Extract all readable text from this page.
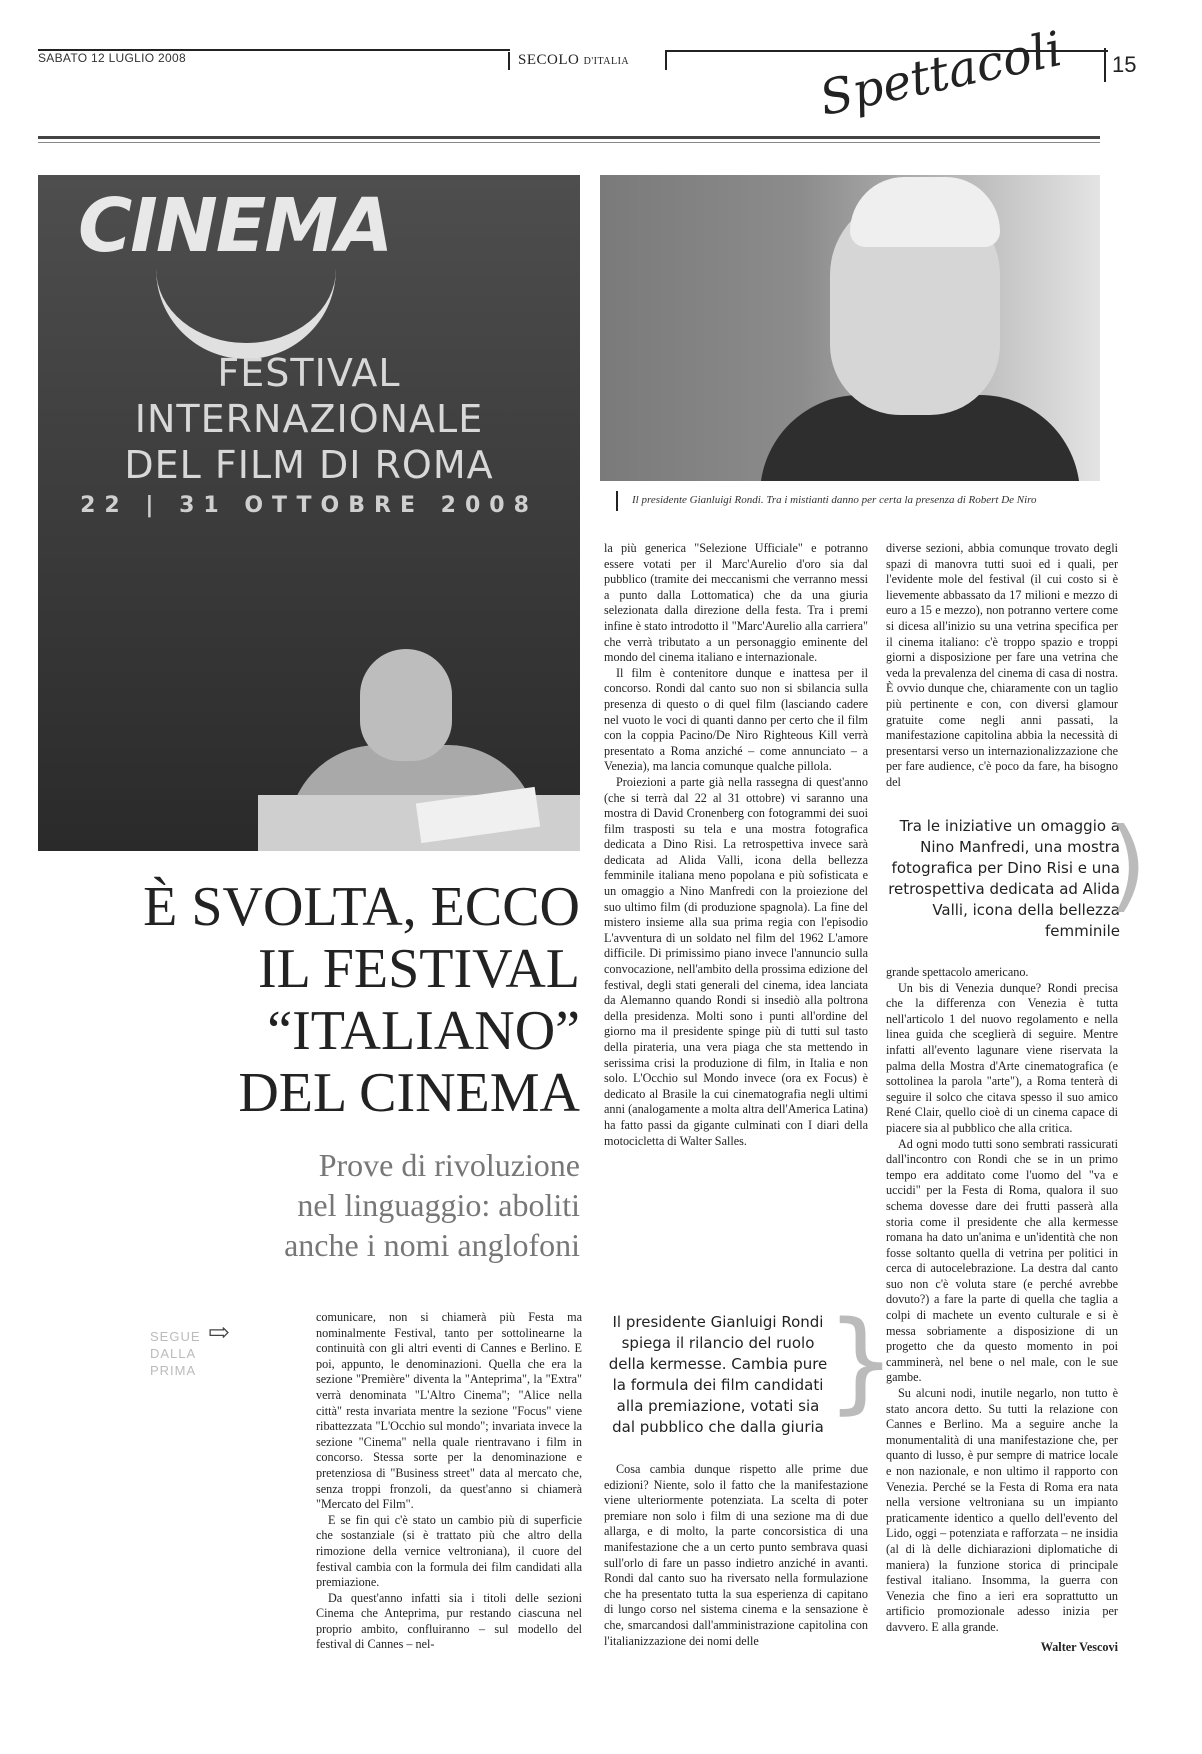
SABATO 12 LUGLIO 2008	SECOLO D'ITALIA	Spettacoli 15
CINEMA
FESTIVAL
INTERNAZIONALE
DEL FILM DI ROMA
22 | 31 OTTOBRE 2008	Il presidente Gianluigi Rondi. Tra i mistianti danno per certa la presenza di Robert De Niro
È SVOLTA, ECCO
IL FESTIVAL
“ITALIANO”
DEL CINEMA
Prove di rivoluzione
nel linguaggio: aboliti
anche i nomi anglofoni
SEGUE DALLA PRIMA
⇨

comunicare, non si chiamerà più Festa ma nominalmente Festival, tanto per sottolinearne la continuità con gli altri eventi di Cannes e Berlino. E poi, appunto, le denominazioni. Quella che era la sezione "Première" diventa la "Anteprima", la "Extra" verrà denominata "L'Altro Cinema"; "Alice nella città" resta invariata mentre la sezione "Focus" viene ribattezzata "L'Occhio sul mondo"; invariata invece la sezione "Cinema" nella quale rientravano i film in concorso. Stessa sorte per la denominazione e pretenziosa di "Business street" data al mercato che, senza troppi fronzoli, da quest'anno si chiamerà "Mercato del Film".

E se fin qui c'è stato un cambio più di superficie che sostanziale (si è trattato più che altro della rimozione della vernice veltroniana), il cuore del festival cambia con la formula dei film candidati alla premiazione.

Da quest'anno infatti sia i titoli delle sezioni Cinema che Anteprima, pur restando ciascuna nel proprio ambito, confluiranno – sul modello del festival di Cannes – nel-

la più generica "Selezione Ufficiale" e potranno essere votati per il Marc'Aurelio d'oro sia dal pubblico (tramite dei meccanismi che verranno messi a punto dalla Lottomatica) che da una giuria selezionata dalla direzione della festa. Tra i premi infine è stato introdotto il "Marc'Aurelio alla carriera" che verrà tributato a un personaggio eminente del mondo del cinema italiano e internazionale.

Il film è contenitore dunque e inattesa per il concorso. Rondi dal canto suo non si sbilancia sulla presenza di questo o di quel film (lasciando cadere nel vuoto le voci di quanti danno per certo che il film con la coppia Pacino/De Niro Righteous Kill verrà presentato a Roma anziché – come annunciato – a Venezia), ma lancia comunque qualche pillola.

Proiezioni a parte già nella rassegna di quest'anno (che si terrà dal 22 al 31 ottobre) vi saranno una mostra di David Cronenberg con fotogrammi dei suoi film trasposti su tela e una mostra fotografica dedicata a Dino Risi. La retrospettiva invece sarà dedicata ad Alida Valli, icona della bellezza femminile italiana meno popolana e più sofisticata e un omaggio a Nino Manfredi con la proiezione del suo ultimo film (di produzione spagnola). La fine del mistero insieme alla sua prima regia con l'episodio L'avventura di un soldato nel film del 1962 L'amore difficile. Di primissimo piano invece l'annuncio sulla convocazione, nell'ambito della prossima edizione del festival, degli stati generali del cinema, idea lanciata da Alemanno quando Rondi si insediò alla poltrona della presidenza. Molti sono i punti all'ordine del giorno ma il presidente spinge più di tutti sul tasto della pirateria, una vera piaga che sta mettendo in serissima crisi la produzione di film, in Italia e non solo. L'Occhio sul Mondo invece (ora ex Focus) è dedicato al Brasile la cui cinematografia negli ultimi anni (analogamente a molta altra dell'America Latina) ha fatto passi da gigante culminati con I diari della motocicletta di Walter Salles.

Il presidente Gianluigi Rondi spiega il rilancio del ruolo della kermesse. Cambia pure la formula dei film candidati alla premiazione, votati sia dal pubblico che dalla giuria
}

Cosa cambia dunque rispetto alle prime due edizioni? Niente, solo il fatto che la manifestazione viene ulteriormente potenziata. La scelta di poter premiare non solo i film di una sezione ma di due allarga, e di molto, la parte concorsistica di una manifestazione che a un certo punto sembrava quasi sull'orlo di fare un passo indietro anziché in avanti. Rondi dal canto suo ha riversato nella formulazione che ha presentato tutta la sua esperienza di capitano di lungo corso nel sistema cinema e la sensazione è che, smarcandosi dall'amministrazione capitolina con l'italianizzazione dei nomi delle

diverse sezioni, abbia comunque trovato degli spazi di manovra tutti suoi ed i quali, per l'evidente mole del festival (il cui costo si è lievemente abbassato da 17 milioni e mezzo di euro a 15 e mezzo), non potranno vertere come si dicesa all'inizio su una vetrina specifica per il cinema italiano: c'è troppo spazio e troppi giorni a disposizione per fare una vetrina che veda la prevalenza del cinema di casa di nostra. È ovvio dunque che, chiaramente con un taglio più pertinente e con, con diversi glamour gratuite come negli anni passati, la manifestazione capitolina abbia la necessità di presentarsi verso un internazionalizzazione che per fare audience, c'è poco da fare, ha bisogno del

Tra le iniziative un omaggio a Nino Manfredi, una mostra fotografica per Dino Risi e una retrospettiva dedicata ad Alida Valli, icona della bellezza femminile
)

grande spettacolo americano.

Un bis di Venezia dunque? Rondi precisa che la differenza con Venezia è tutta nell'articolo 1 del nuovo regolamento e nella linea guida che sceglierà di seguire. Mentre infatti all'evento lagunare viene riservata la palma della Mostra d'Arte cinematografica (e sottolinea la parola "arte"), a Roma tenterà di seguire il solco che citava spesso il suo amico René Clair, quello cioè di un cinema capace di piacere sia al pubblico che alla critica.

Ad ogni modo tutti sono sembrati rassicurati dall'incontro con Rondi che se in un primo tempo era additato come l'uomo del "va e uccidi" per la Festa di Roma, qualora il suo schema dovesse dare dei frutti passerà alla storia come il presidente che alla kermesse romana ha dato un'anima e un'identità che non fosse soltanto quella di vetrina per politici in cerca di autocelebrazione. La destra dal canto suo non c'è voluta stare (e perché avrebbe dovuto?) a fare la parte di quella che taglia a colpi di machete un evento culturale e si è messa sobriamente a disposizione di un progetto che da questo momento in poi camminerà, nel bene o nel male, con le sue gambe.

Su alcuni nodi, inutile negarlo, non tutto è stato ancora detto. Su tutti la relazione con Cannes e Berlino. Ma a seguire anche la monumentalità di una manifestazione che, per quanto di lusso, è pur sempre di matrice locale e non nazionale, e non ultimo il rapporto con Venezia. Perché se la Festa di Roma era nata nella versione veltroniana su un impianto praticamente identico a quello dell'evento del Lido, oggi – potenziata e rafforzata – ne insidia (al di là delle dichiarazioni diplomatiche di maniera) la funzione storica di principale festival italiano. Insomma, la guerra con Venezia che fino a ieri era soprattutto un artificio promozionale adesso inizia per davvero. E alla grande.

Walter Vescovi
